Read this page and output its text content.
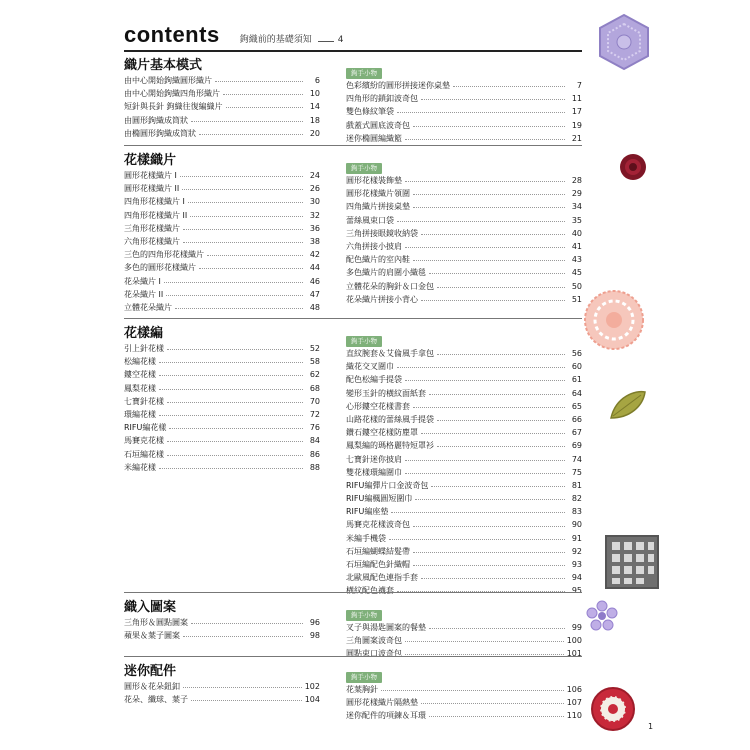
contents 鉤織前的基礎須知	4
織片基本模式
由中心開始鉤織圓形織片	6
由中心開始鉤織四角形織片	10
短針與長針 鉤織往復編織片	14
由圓形鉤織成筒狀	18
由橢圓形鉤織成筒狀	20
鉤手小物
色彩繽紛的圓形拼接迷你桌墊	7
四角形的鎖釦波奇包	11
雙色條紋筆袋	17
戲蓋式圓底波奇包	19
迷你橢圓編織籃	21
花樣織片
圓形花樣織片 I	24
圓形花樣織片 II	26
四角形花樣織片 I	30
四角形花樣織片 II	32
三角形花樣織片	36
六角形花樣織片	38
三色的四角形花樣織片	42
多色的圓形花樣織片	44
花朵織片 I	46
花朵織片 II	47
立體花朵織片	48
鉤手小物
圓形花樣裝飾墊	28
圓形花樣織片領圍	29
四角織片拼接桌墊	34
蕾絲風束口袋	35
三角拼接眼鏡收納袋	40
六角拼接小披肩	41
配色織片的室內鞋	43
多色織片的肩圍小織毯	45
立體花朵的胸針＆口金包	50
花朵織片拼接小背心	51
花樣編
引上針花樣	52
松編花樣	58
鏤空花樣	62
鳳梨花樣	68
七寶針花樣	70
環編花樣	72
RIFU編花樣	76
馬賽克花樣	84
石垣編花樣	86
米編花樣	88
鉤手小物
直紋腕套＆艾倫風手拿包	56
織花交叉圍巾	60
配色松編手提袋	61
變形玉針的橫紋面紙套	64
心形鏤空花樣書套	65
山路花樣的蕾絲風手提袋	66
鑽石鏤空花樣防塵罩	67
鳳梨編的瑪格麗特短罩衫	69
七寶針迷你披肩	74
雙花樣環編圍巾	75
RIFU編彈片口金波奇包	81
RIFU編楓圓短圍巾	82
RIFU編座墊	83
馬賽克花樣波奇包	90
米編手機袋	91
石垣編蝴蝶結髮帶	92
石垣編配色針織帽	93
北歐風配色連指手套	94
橫紋配色襪套	95
織入圖案
三角形＆圓點圖案	96
蘋果＆葉子圖案	98
鉤手小物
叉子與湯匙圖案的餐墊	99
三角圖案波奇包	100
圓點束口波奇包	101
迷你配件
圓形＆花朵鈕釦	102
花朵、纖球、葉子	104
鉤手小物
花葉胸針	106
圓形花樣織片隔熱墊	107
迷你配件的項鍊＆耳環	110
1
